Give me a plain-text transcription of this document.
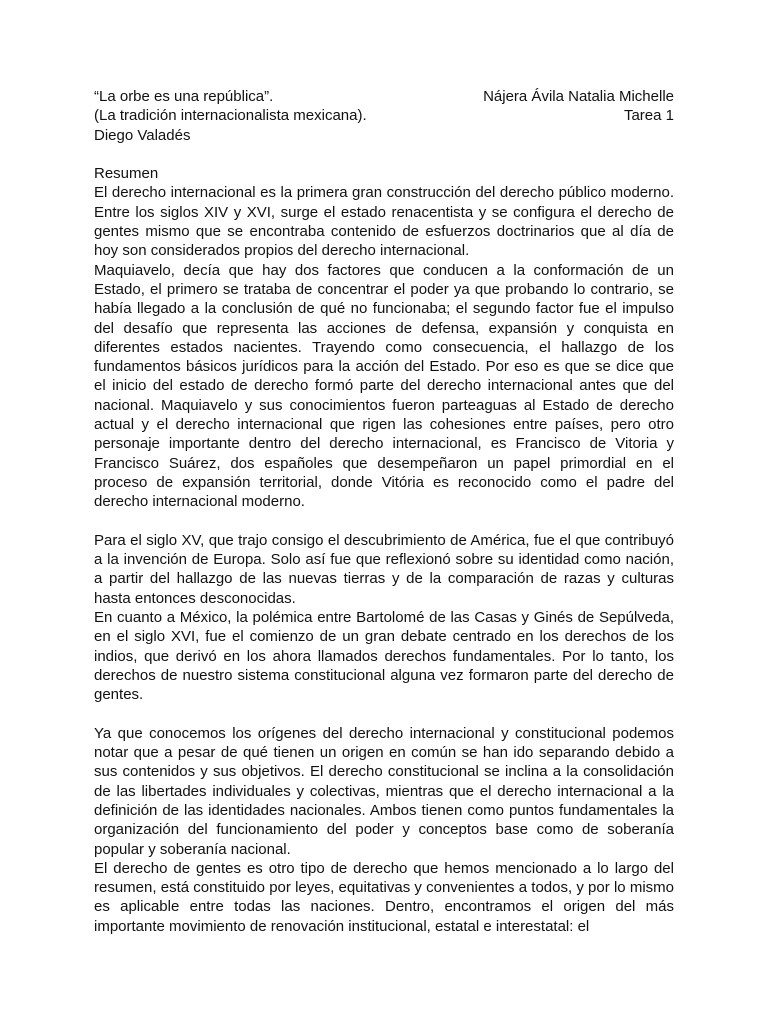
“La orbe es una república”.	Nájera Ávila Natalia Michelle
(La tradición internacionalista mexicana).	Tarea 1
Diego Valadés
Resumen

El derecho internacional es la primera gran construcción del derecho público moderno. Entre los siglos XIV y XVI, surge el estado renacentista y se configura el derecho de gentes mismo que se encontraba contenido de esfuerzos doctrinarios que al día de hoy son considerados propios del derecho internacional.

Maquiavelo, decía que hay dos factores que conducen a la conformación de un Estado, el primero se trataba de concentrar el poder ya que probando lo contrario, se había llegado a la conclusión de qué no funcionaba; el segundo factor fue el impulso del desafío que representa las acciones de defensa, expansión y conquista en diferentes estados nacientes. Trayendo como consecuencia, el hallazgo de los fundamentos básicos jurídicos para la acción del Estado. Por eso es que se dice que el inicio del estado de derecho formó parte del derecho internacional antes que del nacional. Maquiavelo y sus conocimientos fueron parteaguas al Estado de derecho actual y el derecho internacional que rigen las cohesiones entre países, pero otro personaje importante dentro del derecho internacional, es Francisco de Vitoria y Francisco Suárez, dos españoles que desempeñaron un papel primordial en el proceso de expansión territorial, donde Vitória es reconocido como el padre del derecho internacional moderno.

Para el siglo XV, que trajo consigo el descubrimiento de América, fue el que contribuyó a la invención de Europa. Solo así fue que reflexionó sobre su identidad como nación, a partir del hallazgo de las nuevas tierras y de la comparación de razas y culturas hasta entonces desconocidas.

En cuanto a México, la polémica entre Bartolomé de las Casas y Ginés de Sepúlveda, en el siglo XVI, fue el comienzo de un gran debate centrado en los derechos de los indios, que derivó en los ahora llamados derechos fundamentales. Por lo tanto, los derechos de nuestro sistema constitucional alguna vez formaron parte del derecho de gentes.

Ya que conocemos los orígenes del derecho internacional y constitucional podemos notar que a pesar de qué tienen un origen en común se han ido separando debido a sus contenidos y sus objetivos. El derecho constitucional se inclina a la consolidación de las libertades individuales y colectivas, mientras que el derecho internacional a la definición de las identidades nacionales. Ambos tienen como puntos fundamentales la organización del funcionamiento del poder y conceptos base como de soberanía popular y soberanía nacional.

El derecho de gentes es otro tipo de derecho que hemos mencionado a lo largo del resumen, está constituido por leyes, equitativas y convenientes a todos, y por lo mismo es aplicable entre todas las naciones. Dentro, encontramos el origen del más importante movimiento de renovación institucional, estatal e interestatal: el
